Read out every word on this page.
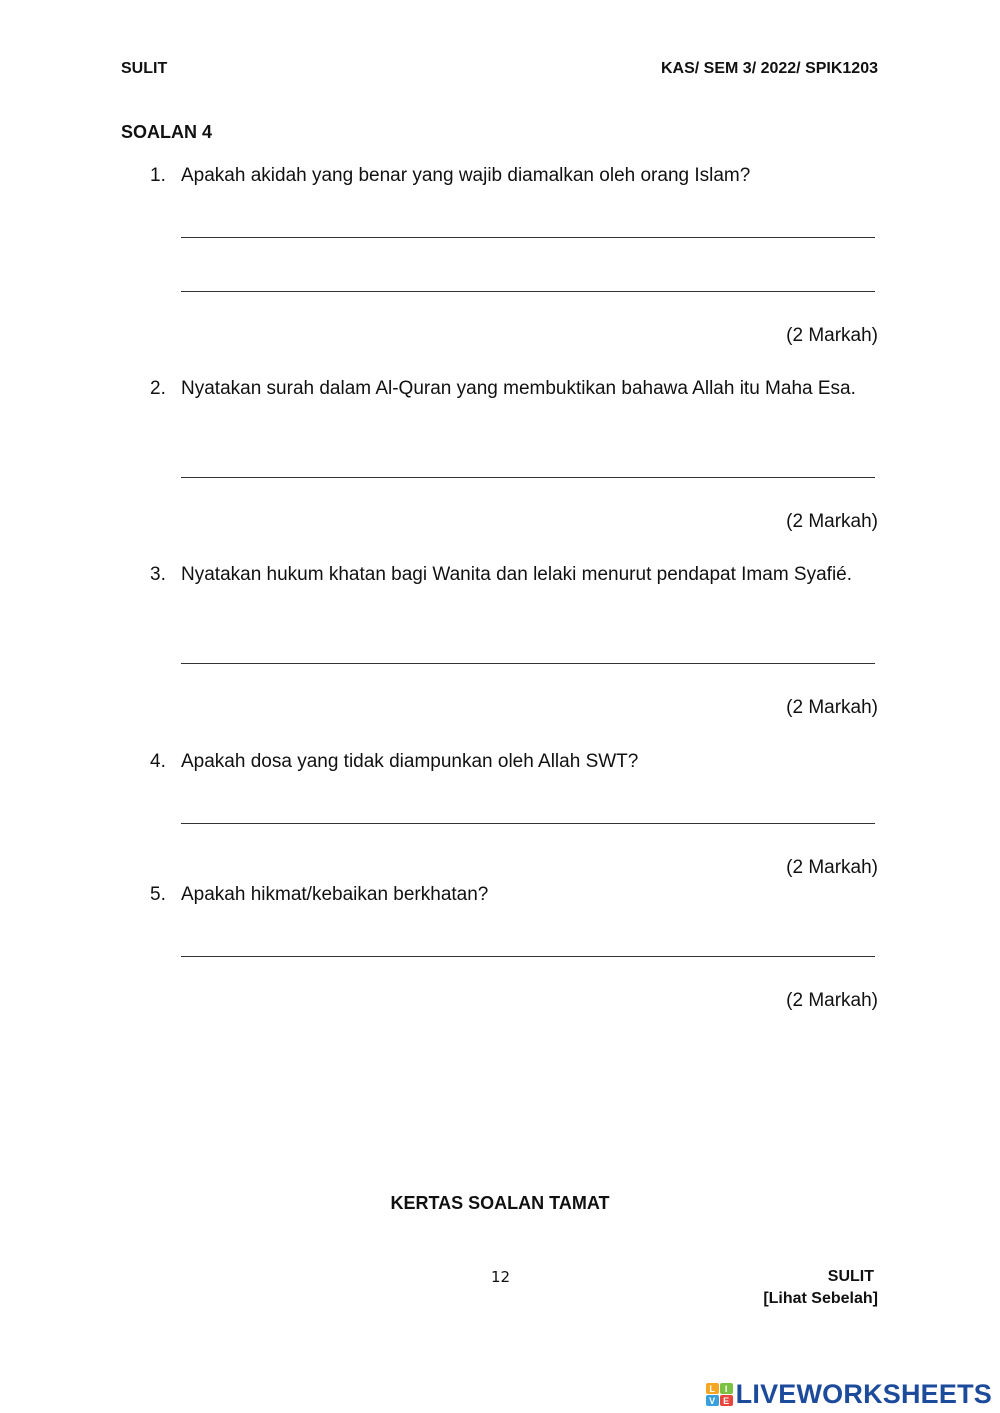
SULIT	KAS/ SEM 3/ 2022/ SPIK1203
SOALAN 4
1. Apakah akidah yang benar yang wajib diamalkan oleh orang Islam?
(2 Markah)
2. Nyatakan surah dalam Al-Quran yang membuktikan bahawa Allah itu Maha Esa.
(2 Markah)
3. Nyatakan hukum khatan bagi Wanita dan lelaki menurut pendapat Imam Syafié.
(2 Markah)
4. Apakah dosa yang tidak diampunkan oleh Allah SWT?
(2 Markah)
5. Apakah hikmat/kebaikan berkhatan?
(2 Markah)
KERTAS SOALAN TAMAT
12	SULIT
[Lihat Sebelah]
L	I
V E LIVEWORKSHEETS
